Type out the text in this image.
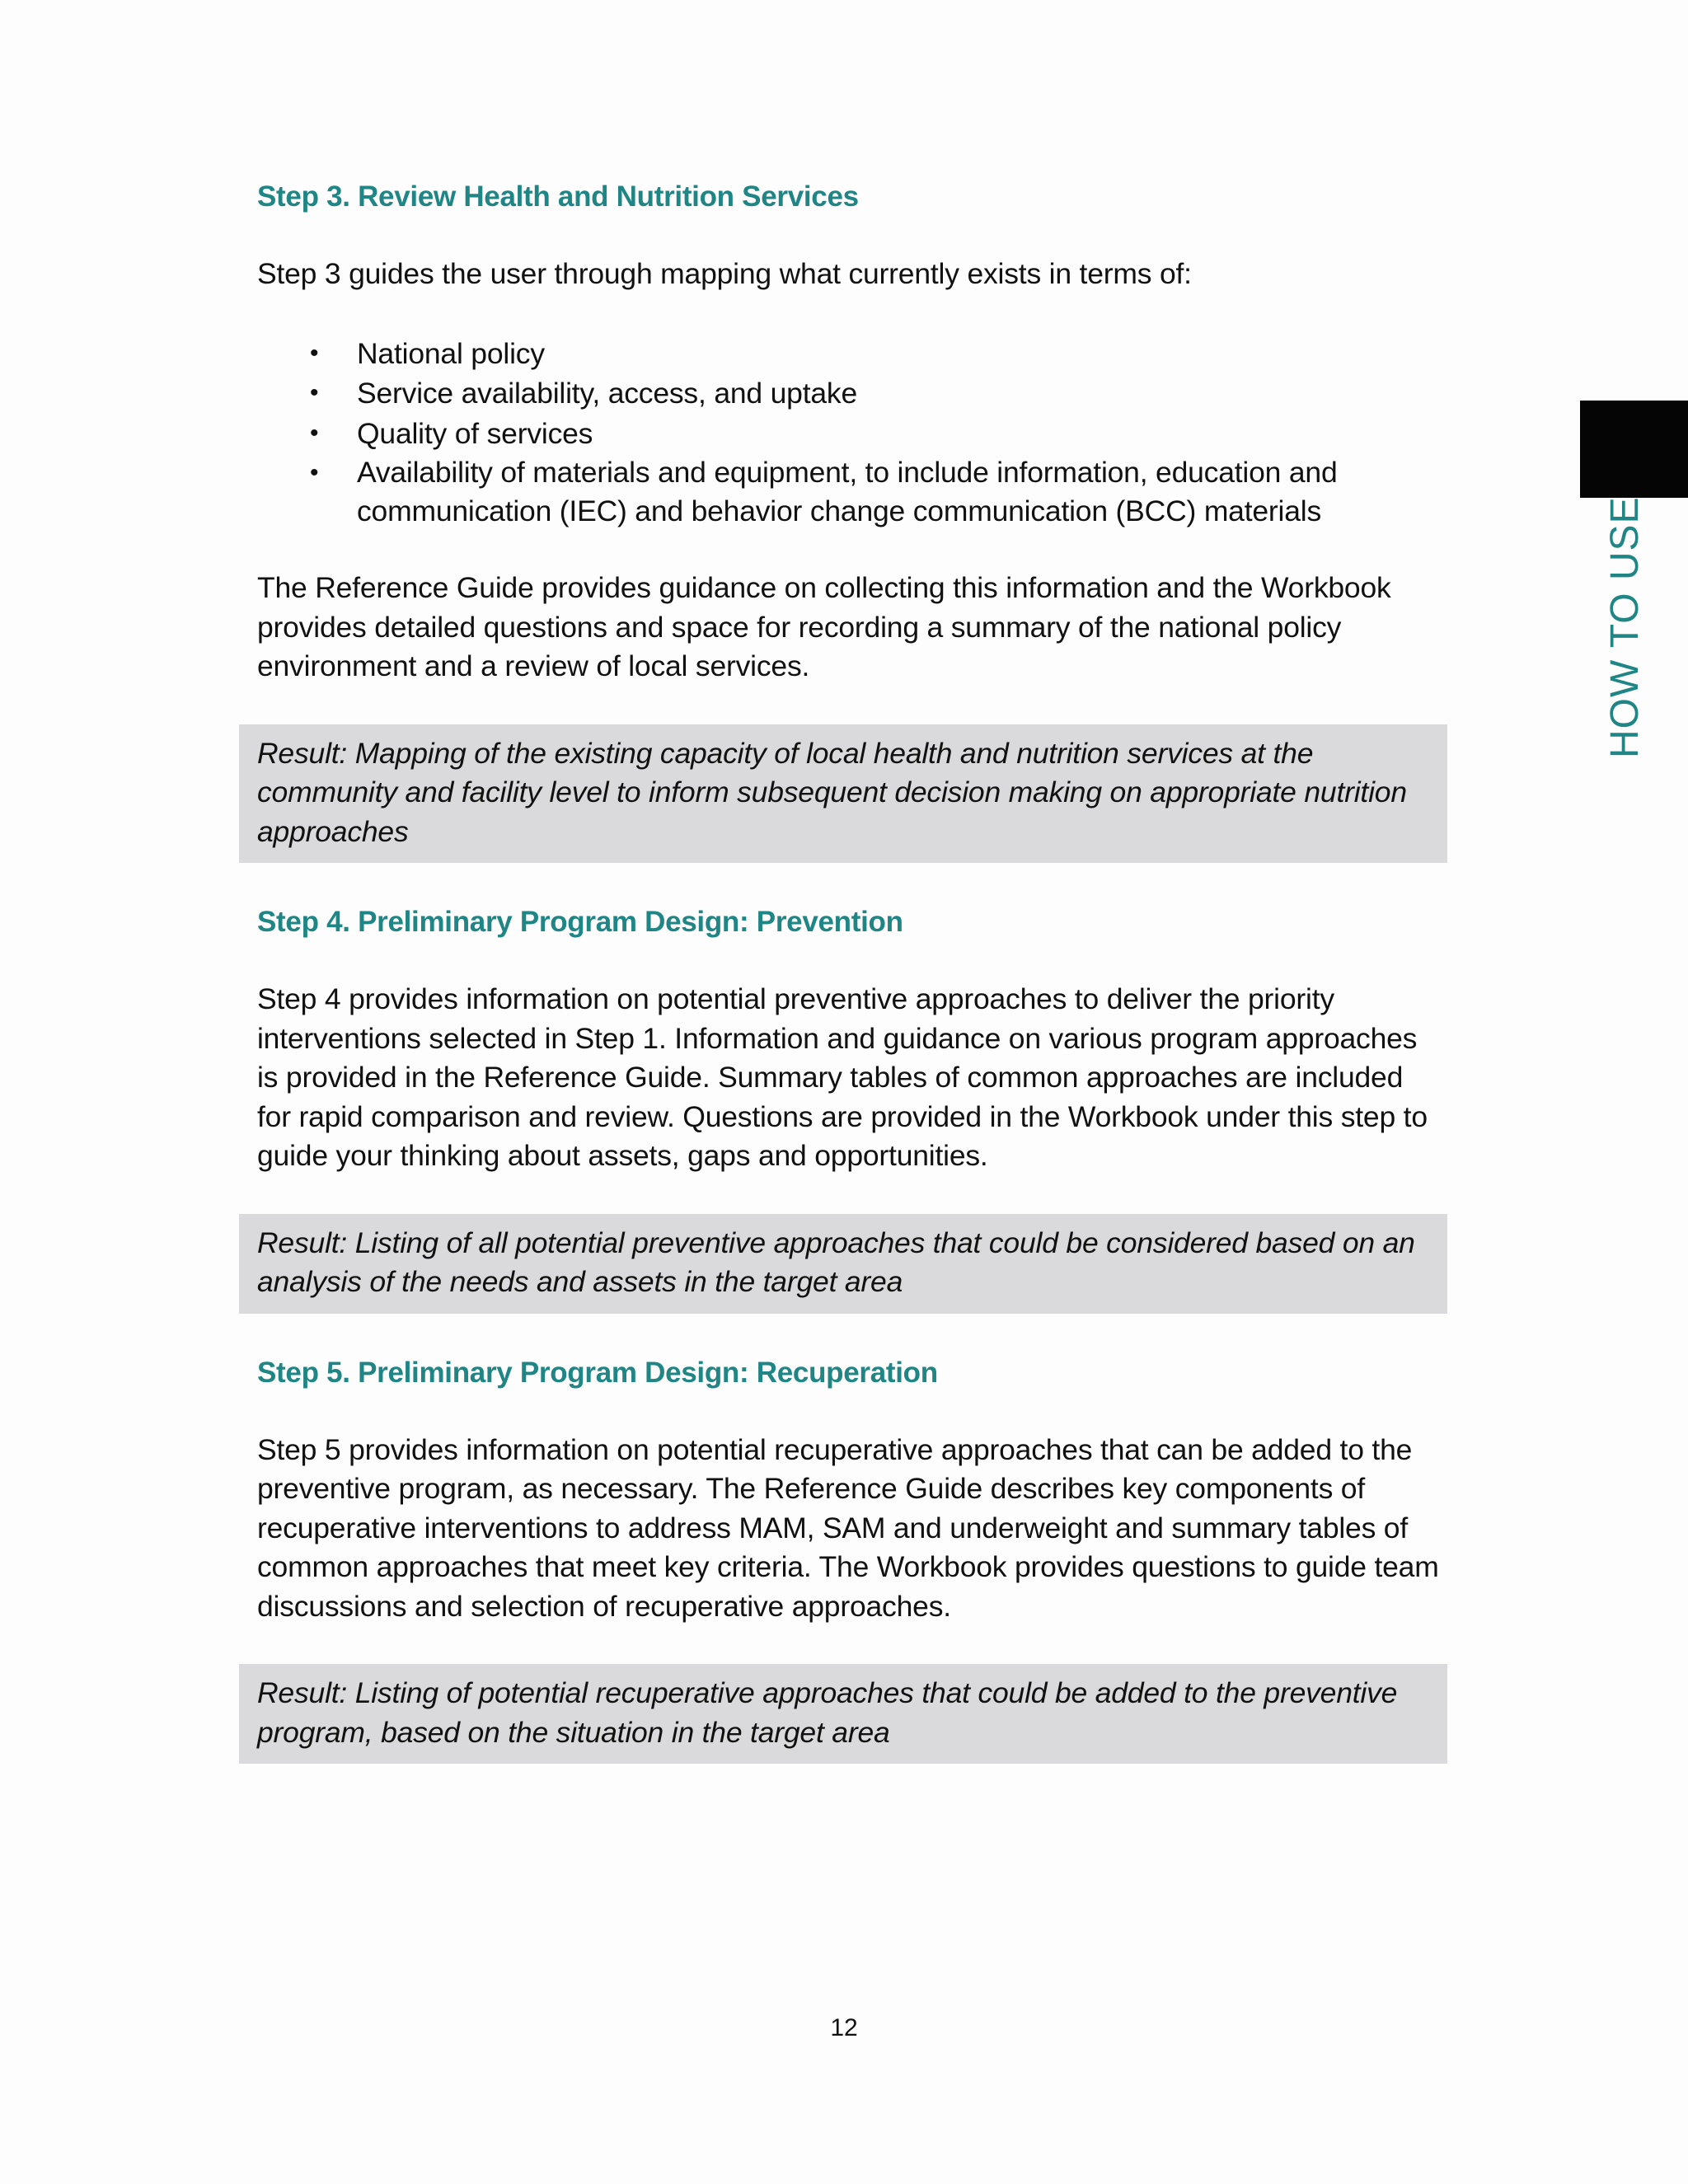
HOW TO USE
Step 3. Review Health and Nutrition Services

Step 3 guides the user through mapping what currently exists in terms of:

• National policy
• Service availability, access, and uptake
• Quality of services
• Availability of materials and equipment, to include information, education and communication (IEC) and behavior change communication (BCC) materials

The Reference Guide provides guidance on collecting this information and the Workbook provides detailed questions and space for recording a summary of the national policy environment and a review of local services.

Result: Mapping of the existing capacity of local health and nutrition services at the community and facility level to inform subsequent decision making on appropriate nutrition approaches

Step 4. Preliminary Program Design: Prevention

Step 4 provides information on potential preventive approaches to deliver the priority interventions selected in Step 1. Information and guidance on various program approaches is provided in the Reference Guide. Summary tables of common approaches are included for rapid comparison and review. Questions are provided in the Workbook under this step to guide your thinking about assets, gaps and opportunities.

Result: Listing of all potential preventive approaches that could be considered based on an analysis of the needs and assets in the target area

Step 5. Preliminary Program Design: Recuperation

Step 5 provides information on potential recuperative approaches that can be added to the preventive program, as necessary. The Reference Guide describes key components of recuperative interventions to address MAM, SAM and underweight and summary tables of common approaches that meet key criteria. The Workbook provides questions to guide team discussions and selection of recuperative approaches.

Result: Listing of potential recuperative approaches that could be added to the preventive program, based on the situation in the target area

12
